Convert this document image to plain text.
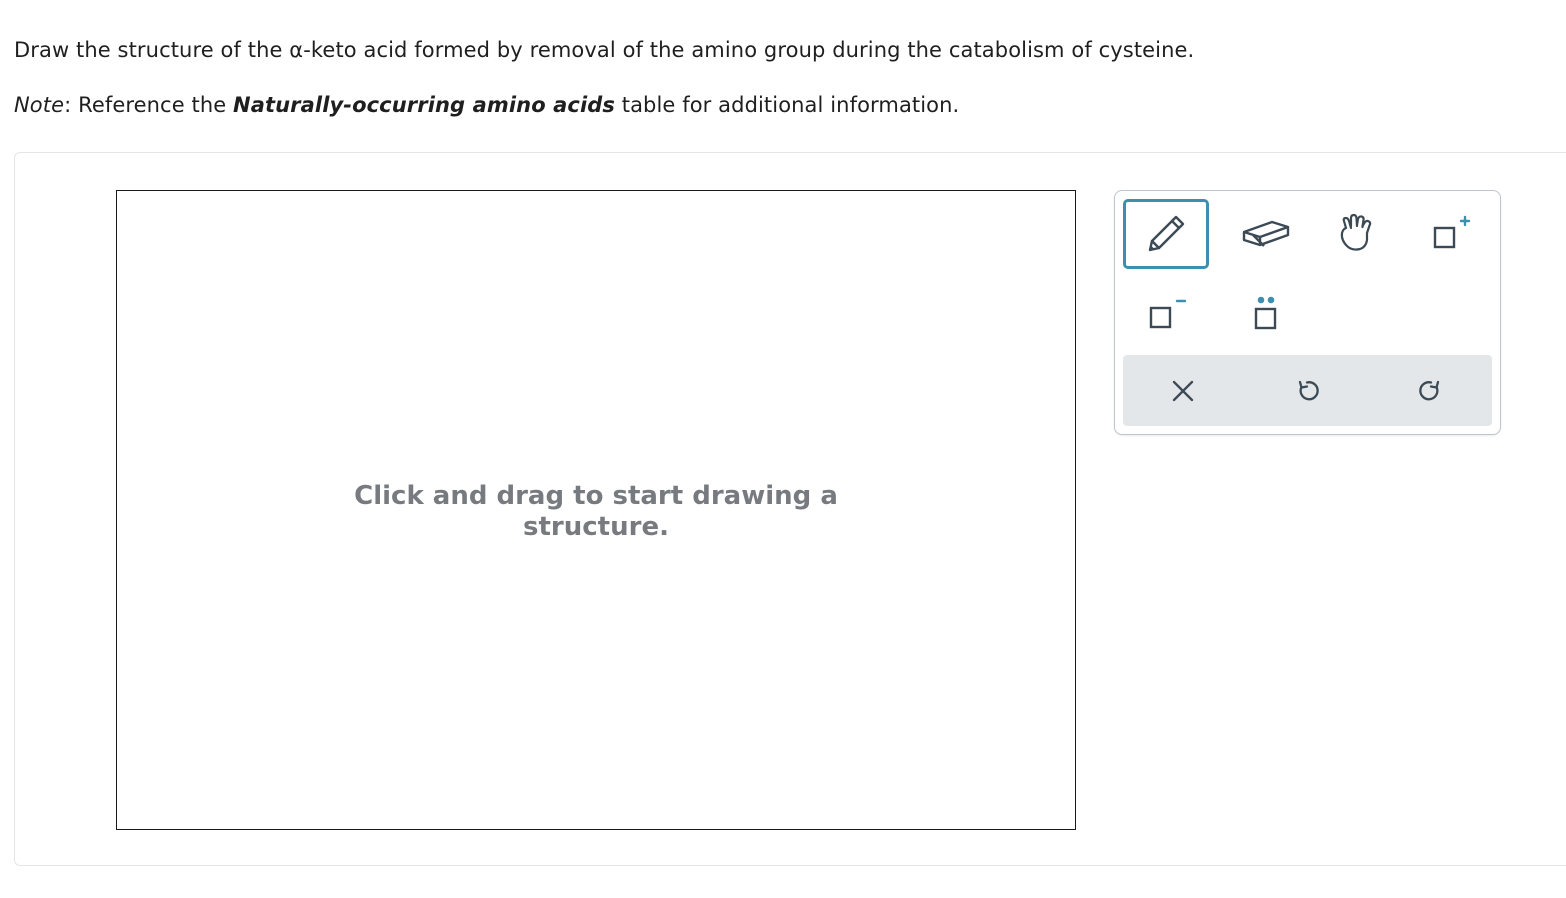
Draw the structure of the α-keto acid formed by removal of the amino group during the catabolism of cysteine.
Note: Reference the Naturally-occurring amino acids table for additional information.
Click and drag to start drawing a
structure.
